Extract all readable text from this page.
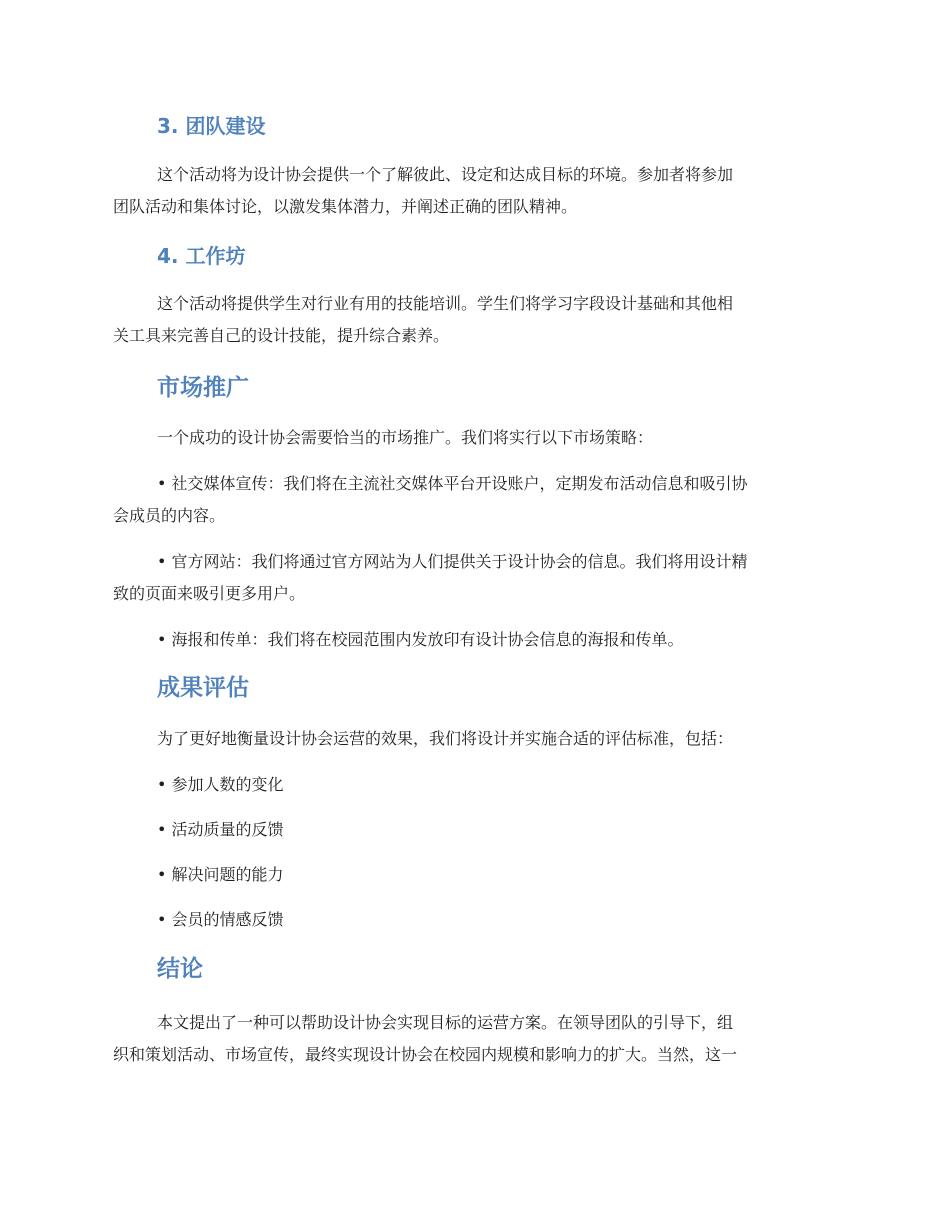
3. 团队建设
这个活动将为设计协会提供一个了解彼此、设定和达成目标的环境。参加者将参加
团队活动和集体讨论，以激发集体潜力，并阐述正确的团队精神。
4. 工作坊
这个活动将提供学生对行业有用的技能培训。学生们将学习字段设计基础和其他相
关工具来完善自己的设计技能，提升综合素养。
市场推广
一个成功的设计协会需要恰当的市场推广。我们将实行以下市场策略：
• 社交媒体宣传：我们将在主流社交媒体平台开设账户，定期发布活动信息和吸引协
会成员的内容。
• 官方网站：我们将通过官方网站为人们提供关于设计协会的信息。我们将用设计精
致的页面来吸引更多用户。
• 海报和传单：我们将在校园范围内发放印有设计协会信息的海报和传单。
成果评估
为了更好地衡量设计协会运营的效果，我们将设计并实施合适的评估标准，包括：
• 参加人数的变化
• 活动质量的反馈
• 解决问题的能力
• 会员的情感反馈
结论
本文提出了一种可以帮助设计协会实现目标的运营方案。在领导团队的引导下，组
织和策划活动、市场宣传，最终实现设计协会在校园内规模和影响力的扩大。当然，这一
